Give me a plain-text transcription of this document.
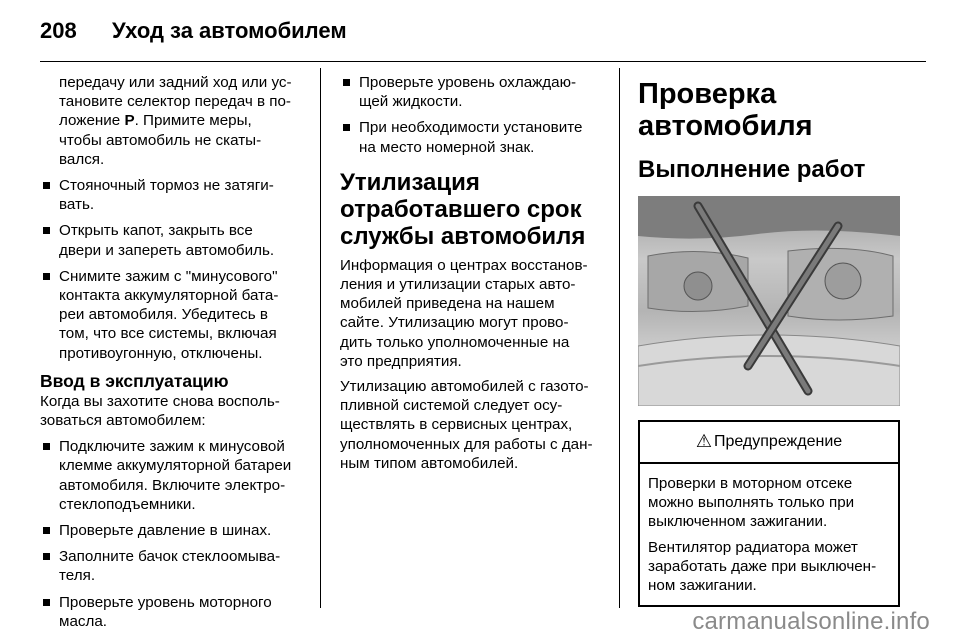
208	Уход за автомобилем
передачу или задний ход или ус-
тановите селектор передач в по-
ложение P. Примите меры,
чтобы автомобиль не скаты-
вался.
Стояночный тормоз не затяги-
вать.
Открыть капот, закрыть все
двери и запереть автомобиль.
Снимите зажим с "минусового"
контакта аккумуляторной бата-
реи автомобиля. Убедитесь в
том, что все системы, включая
противоугонную, отключены.
Ввод в эксплуатацию
Когда вы захотите снова восполь-
зоваться автомобилем:
Подключите зажим к минусовой
клемме аккумуляторной батареи
автомобиля. Включите электро-
стеклоподъемники.
Проверьте давление в шинах.
Заполните бачок стеклоомыва-
теля.
Проверьте уровень моторного
масла.
Проверьте уровень охлаждаю-
щей жидкости.
При необходимости установите
на место номерной знак.
Утилизация
отработавшего срок
службы автомобиля
Информация о центрах восстанов-
ления и утилизации старых авто-
мобилей приведена на нашем
сайте. Утилизацию могут прово-
дить только уполномоченные на
это предприятия.
Утилизацию автомобилей с газото-
пливной системой следует осу-
ществлять в сервисных центрах,
уполномоченных для работы с дан-
ным типом автомобилей.
Проверка автомобиля
Выполнение работ
⚠ Предупреждение

Проверки в моторном отсеке
можно выполнять только при
выключенном зажигании.

Вентилятор радиатора может
заработать даже при выключен-
ном зажигании.

carmanualsonline.info
